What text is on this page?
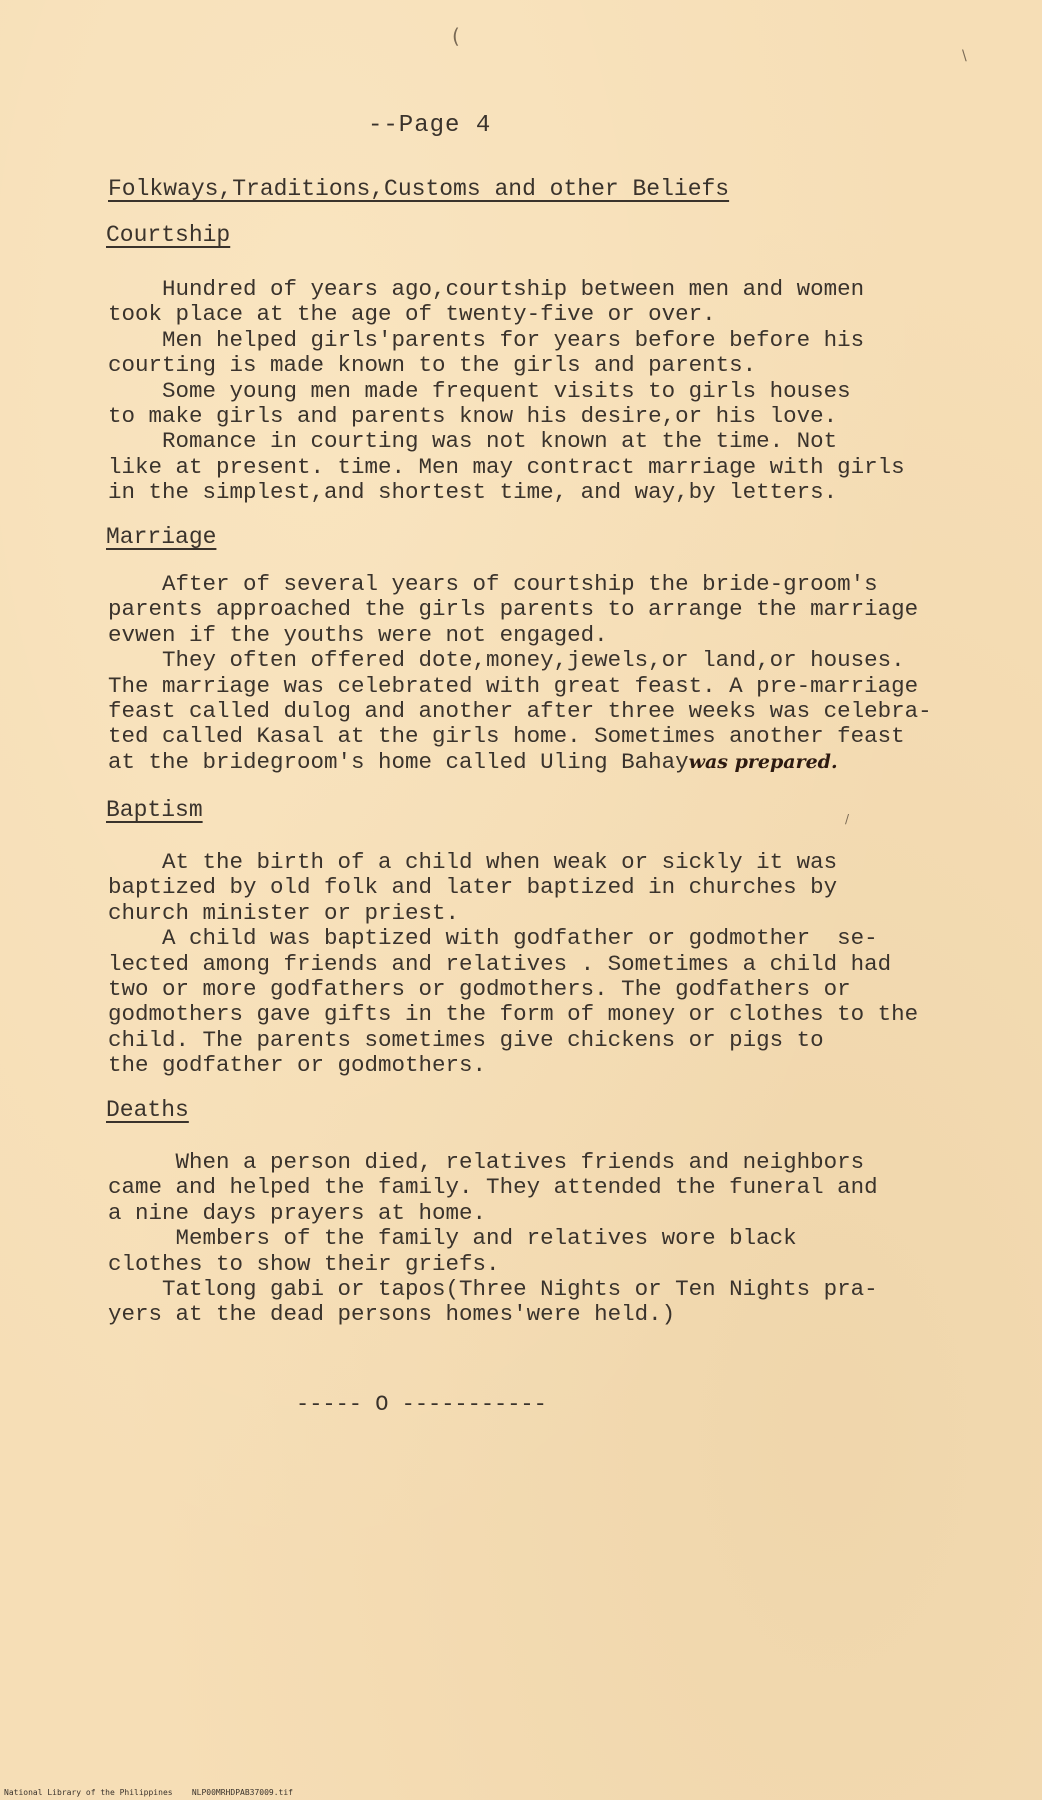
(
\
/
--Page 4
Folkways,Traditions,Customs and other Beliefs
Courtship
Hundred of years ago,courtship between men and women
took place at the age of twenty-five or over.
Men helped girls'parents for years before before his
courting is made known to the girls and parents.
Some young men made frequent visits to girls houses
to make girls and parents know his desire,or his love.
Romance in courting was not known at the time. Not
like at present. time. Men may contract marriage with girls
in the simplest,and shortest time, and way,by letters.
Marriage
After of several years of courtship the bride-groom's
parents approached the girls parents to arrange the marriage
evwen if the youths were not engaged.
They often offered dote,money,jewels,or land,or houses.
The marriage was celebrated with great feast. A pre-marriage
feast called dulog and another after three weeks was celebra-
ted called Kasal at the girls home. Sometimes another feast
at the bridegroom's home called Uling Bahaywas prepared.
Baptism
At the birth of a child when weak or sickly it was
baptized by old folk and later baptized in churches by
church minister or priest.
A child was baptized with godfather or godmother  se-
lected among friends and relatives . Sometimes a child had
two or more godfathers or godmothers. The godfathers or
godmothers gave gifts in the form of money or clothes to the
child. The parents sometimes give chickens or pigs to
the godfather or godmothers.
Deaths
When a person died, relatives friends and neighbors
came and helped the family. They attended the funeral and
a nine days prayers at home.
Members of the family and relatives wore black
clothes to show their griefs.
Tatlong gabi or tapos(Three Nights or Ten Nights pra-
yers at the dead persons homes'were held.)
----- O -----------
National Library of the Philippines    NLP00MRHDPAB37009.tif
